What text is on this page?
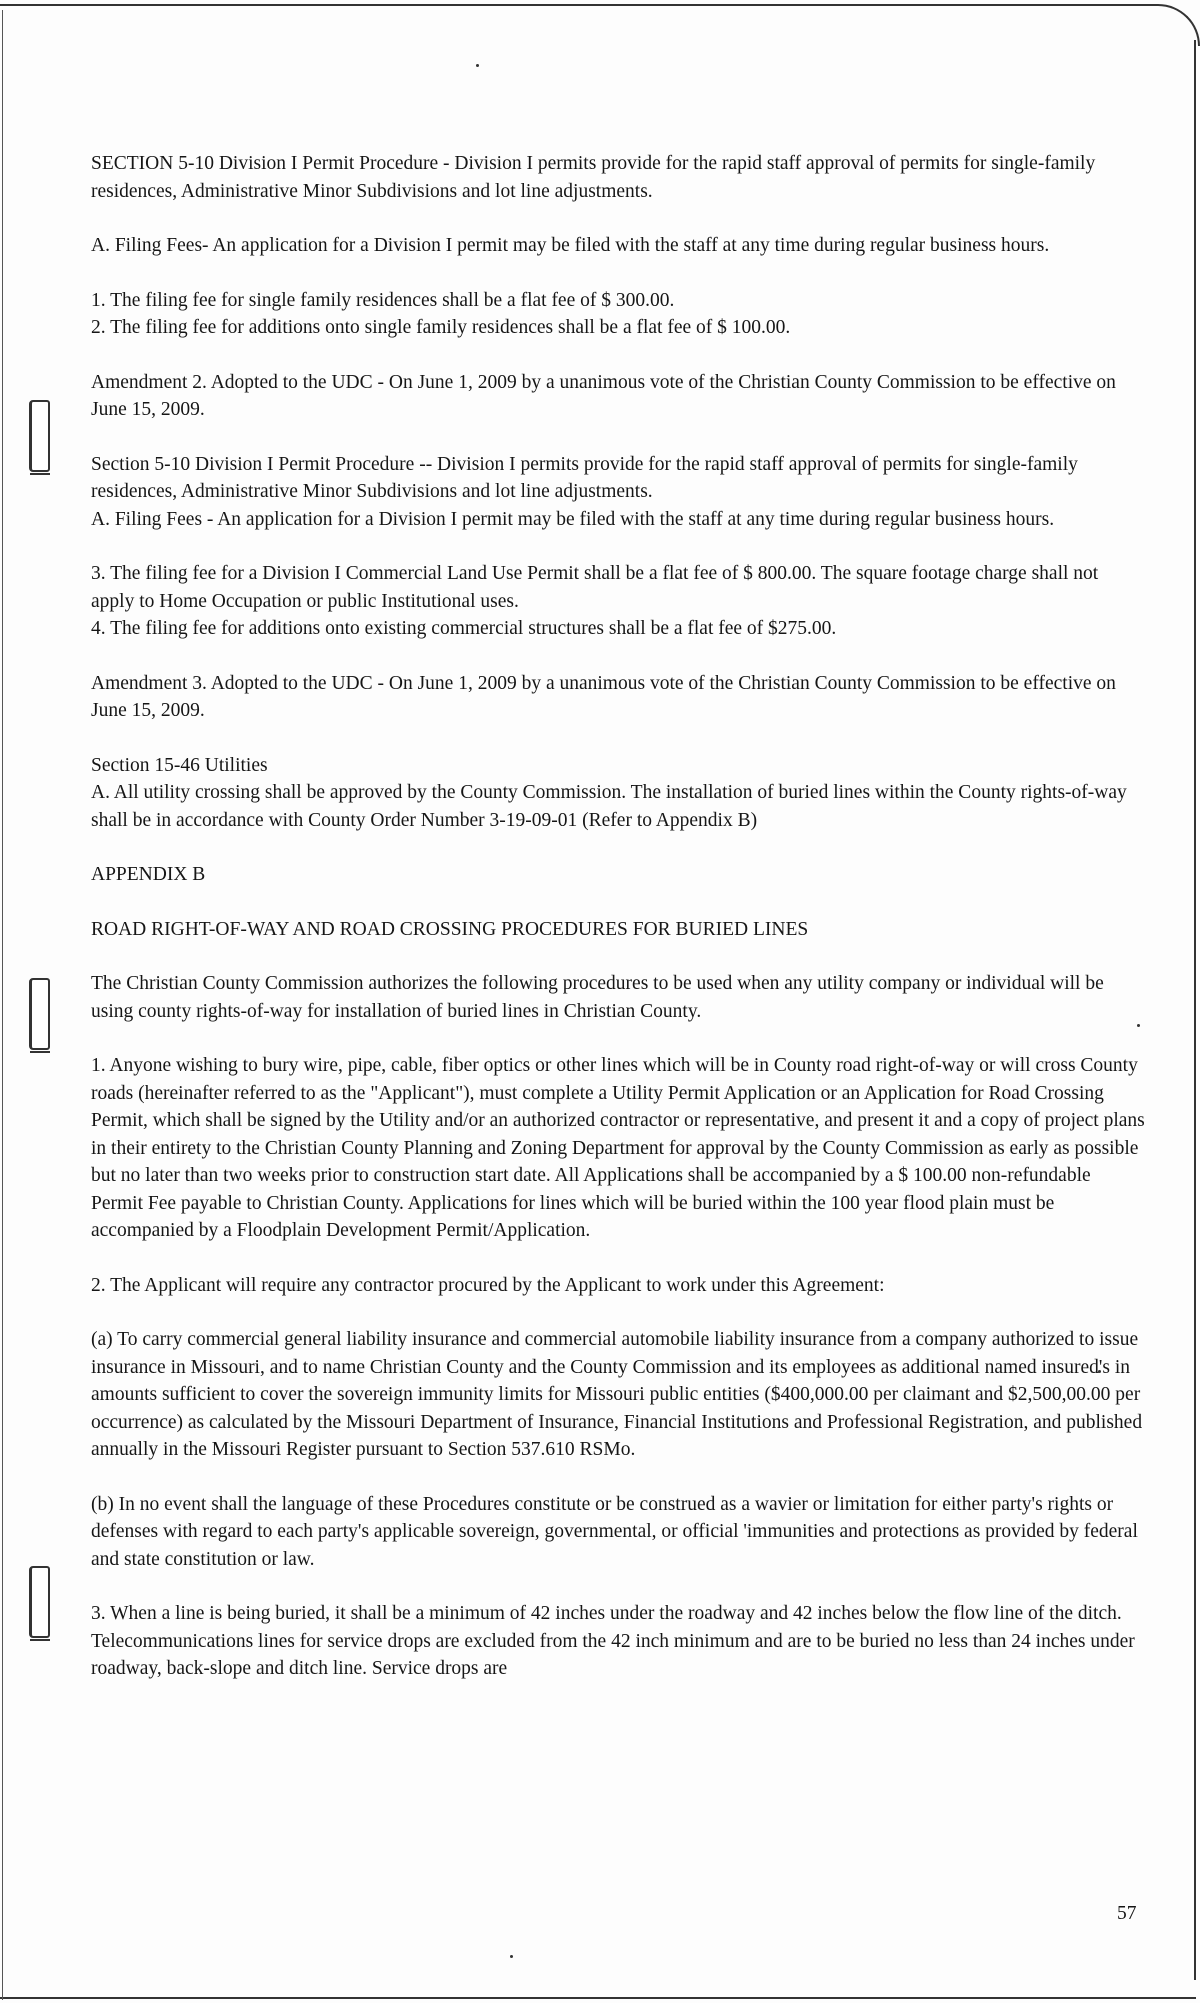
SECTION 5-10 Division I Permit Procedure - Division I permits provide for the rapid staff approval of permits for single-family residences, Administrative Minor Subdivisions and lot line adjustments.

A. Filing Fees- An application for a Division I permit may be filed with the staff at any time during regular business hours.

1. The filing fee for single family residences shall be a flat fee of $ 300.00.

2. The filing fee for additions onto single family residences shall be a flat fee of $ 100.00.

Amendment 2. Adopted to the UDC - On June 1, 2009 by a unanimous vote of the Christian County Commission to be effective on June 15, 2009.

Section 5-10 Division I Permit Procedure -- Division I permits provide for the rapid staff approval of permits for single-family residences, Administrative Minor Subdivisions and lot line adjustments.

A. Filing Fees - An application for a Division I permit may be filed with the staff at any time during regular business hours.

3. The filing fee for a Division I Commercial Land Use Permit shall be a flat fee of $ 800.00. The square footage charge shall not apply to Home Occupation or public Institutional uses.

4. The filing fee for additions onto existing commercial structures shall be a flat fee of $275.00.

Amendment 3. Adopted to the UDC - On June 1, 2009 by a unanimous vote of the Christian County Commission to be effective on June 15, 2009.

Section 15-46 Utilities

A. All utility crossing shall be approved by the County Commission. The installation of buried lines within the County rights-of-way shall be in accordance with County Order Number 3-19-09-01 (Refer to Appendix B)

APPENDIX B

ROAD RIGHT-OF-WAY AND ROAD CROSSING PROCEDURES FOR BURIED LINES

The Christian County Commission authorizes the following procedures to be used when any utility company or individual will be using county rights-of-way for installation of buried lines in Christian County.

1. Anyone wishing to bury wire, pipe, cable, fiber optics or other lines which will be in County road right-of-way or will cross County roads (hereinafter referred to as the "Applicant"), must complete a Utility Permit Application or an Application for Road Crossing Permit, which shall be signed by the Utility and/or an authorized contractor or representative, and present it and a copy of project plans in their entirety to the Christian County Planning and Zoning Department for approval by the County Commission as early as possible but no later than two weeks prior to construction start date. All Applications shall be accompanied by a $ 100.00 non-refundable Permit Fee payable to Christian County. Applications for lines which will be buried within the 100 year flood plain must be accompanied by a Floodplain Development Permit/Application.

2. The Applicant will require any contractor procured by the Applicant to work under this Agreement:

(a) To carry commercial general liability insurance and commercial automobile liability insurance from a company authorized to issue insurance in Missouri, and to name Christian County and the County Commission and its employees as additional named insured's in amounts sufficient to cover the sovereign immunity limits for Missouri public entities ($400,000.00 per claimant and $2,500,00.00 per occurrence) as calculated by the Missouri Department of Insurance, Financial Institutions and Professional Registration, and published annually in the Missouri Register pursuant to Section 537.610 RSMo.

(b) In no event shall the language of these Procedures constitute or be construed as a wavier or limitation for either party's rights or defenses with regard to each party's applicable sovereign, governmental, or official 'immunities and protections as provided by federal and state constitution or law.

3. When a line is being buried, it shall be a minimum of 42 inches under the roadway and 42 inches below the flow line of the ditch. Telecommunications lines for service drops are excluded from the 42 inch minimum and are to be buried no less than 24 inches under roadway, back-slope and ditch line. Service drops are

57
